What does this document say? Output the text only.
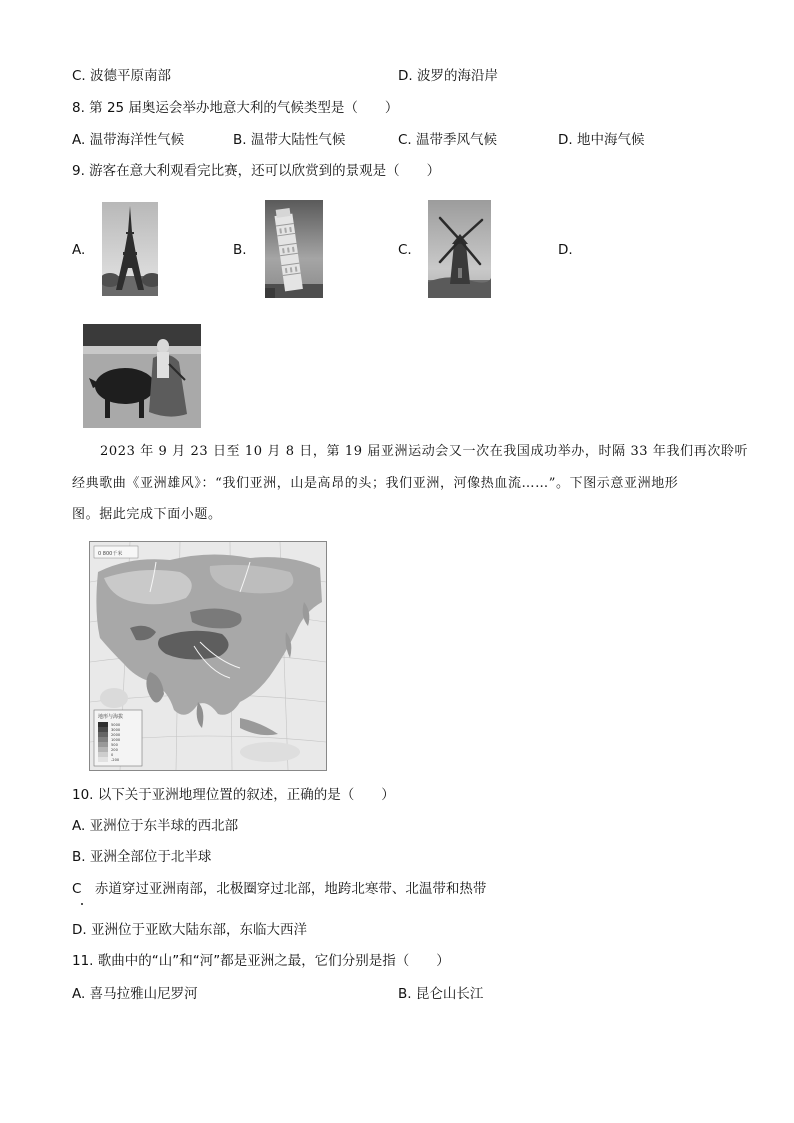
C. 波德平原南部	D. 波罗的海沿岸
8. 第 25 届奥运会举办地意大利的气候类型是（　　）
A. 温带海洋性气候	B. 温带大陆性气候	C. 温带季风气候	D. 地中海气候
9. 游客在意大利观看完比赛，还可以欣赏到的景观是（　　）
A.	B.	C.	D.
2023 年 9 月 23 日至 10 月 8 日，第 19 届亚洲运动会又一次在我国成功举办，时隔 33 年我们再次聆听
经典歌曲《亚洲雄风》：“我们亚洲，山是高昂的头；我们亚洲，河像热血流……”。下图示意亚洲地形
图。据此完成下面小题。
0 800千米
地形与海拔
5000
3000
2000
1000
500
200
0
-200
10. 以下关于亚洲地理位置的叙述，正确的是（　　）
A. 亚洲位于东半球的西北部
B. 亚洲全部位于北半球
C　赤道穿过亚洲南部，北极圈穿过北部，地跨北寒带、北温带和热带
D. 亚洲位于亚欧大陆东部，东临大西洋
11. 歌曲中的“山”和“河”都是亚洲之最，它们分别是指（　　）
A. 喜马拉雅山尼罗河	B. 昆仑山长江
